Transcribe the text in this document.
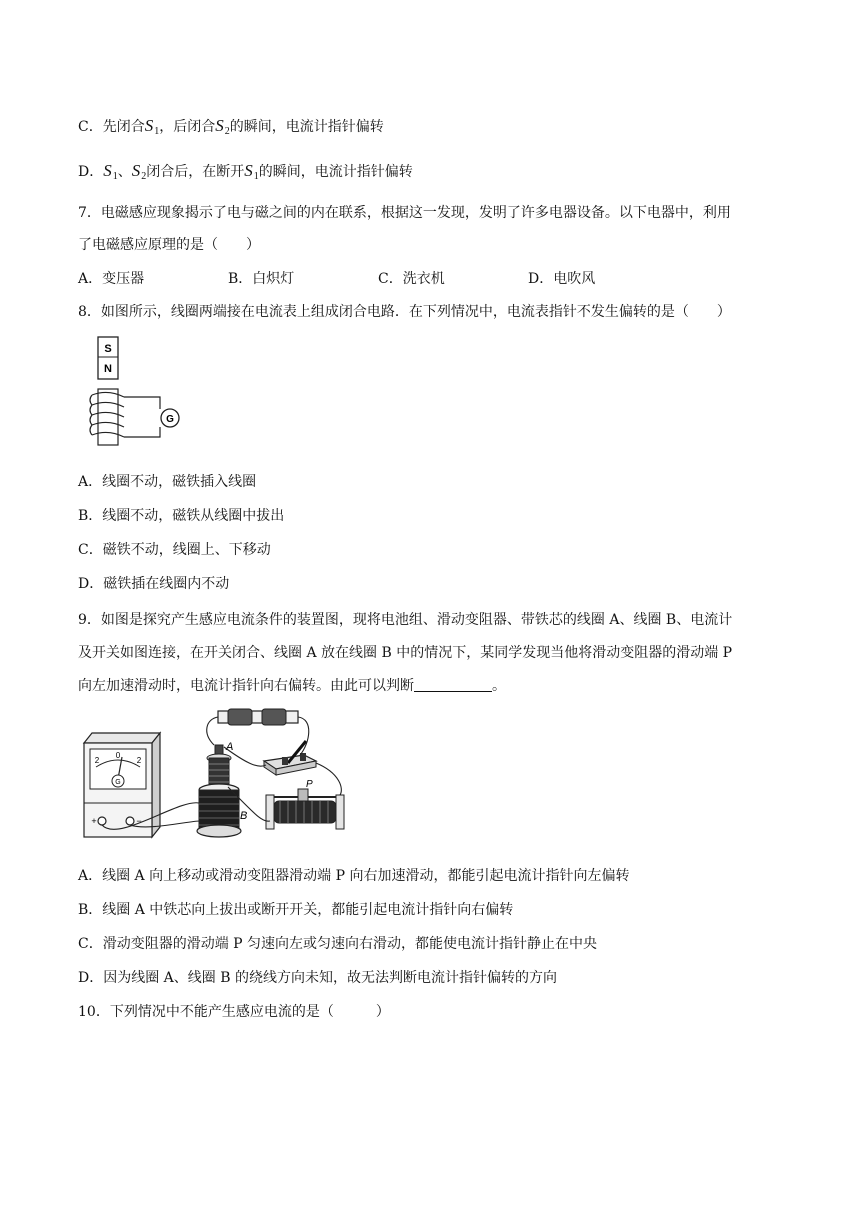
C．先闭合$S_1$，后闭合$S_2$的瞬间，电流计指针偏转
D．$S_1$、$S_2$闭合后，在断开$S_1$的瞬间，电流计指针偏转
7．电磁感应现象揭示了电与磁之间的内在联系，根据这一发现，发明了许多电器设备。以下电器中，利用
了电磁感应原理的是（　　）
A．变压器	B．白炽灯	C．洗衣机	D．电吹风
8．如图所示，线圈两端接在电流表上组成闭合电路．在下列情况中，电流表指针不发生偏转的是（　　）
S
N
G
A．线圈不动，磁铁插入线圈
B．线圈不动，磁铁从线圈中拔出
C．磁铁不动，线圈上、下移动
D．磁铁插在线圈内不动
9．如图是探究产生感应电流条件的装置图，现将电池组、滑动变阻器、带铁芯的线圈 A、线圈 B、电流计
及开关如图连接，在开关闭合、线圈 A 放在线圈 B 中的情况下，某同学发现当他将滑动变阻器的滑动端 P
向左加速滑动时，电流计指针向右偏转。由此可以判断	。
2
0
2
G
+	−
A
B
P
A．线圈 A 向上移动或滑动变阻器滑动端 P 向右加速滑动，都能引起电流计指针向左偏转
B．线圈 A 中铁芯向上拔出或断开开关，都能引起电流计指针向右偏转
C．滑动变阻器的滑动端 P 匀速向左或匀速向右滑动，都能使电流计指针静止在中央
D．因为线圈 A、线圈 B 的绕线方向未知，故无法判断电流计指针偏转的方向
10．下列情况中不能产生感应电流的是（　　　）
